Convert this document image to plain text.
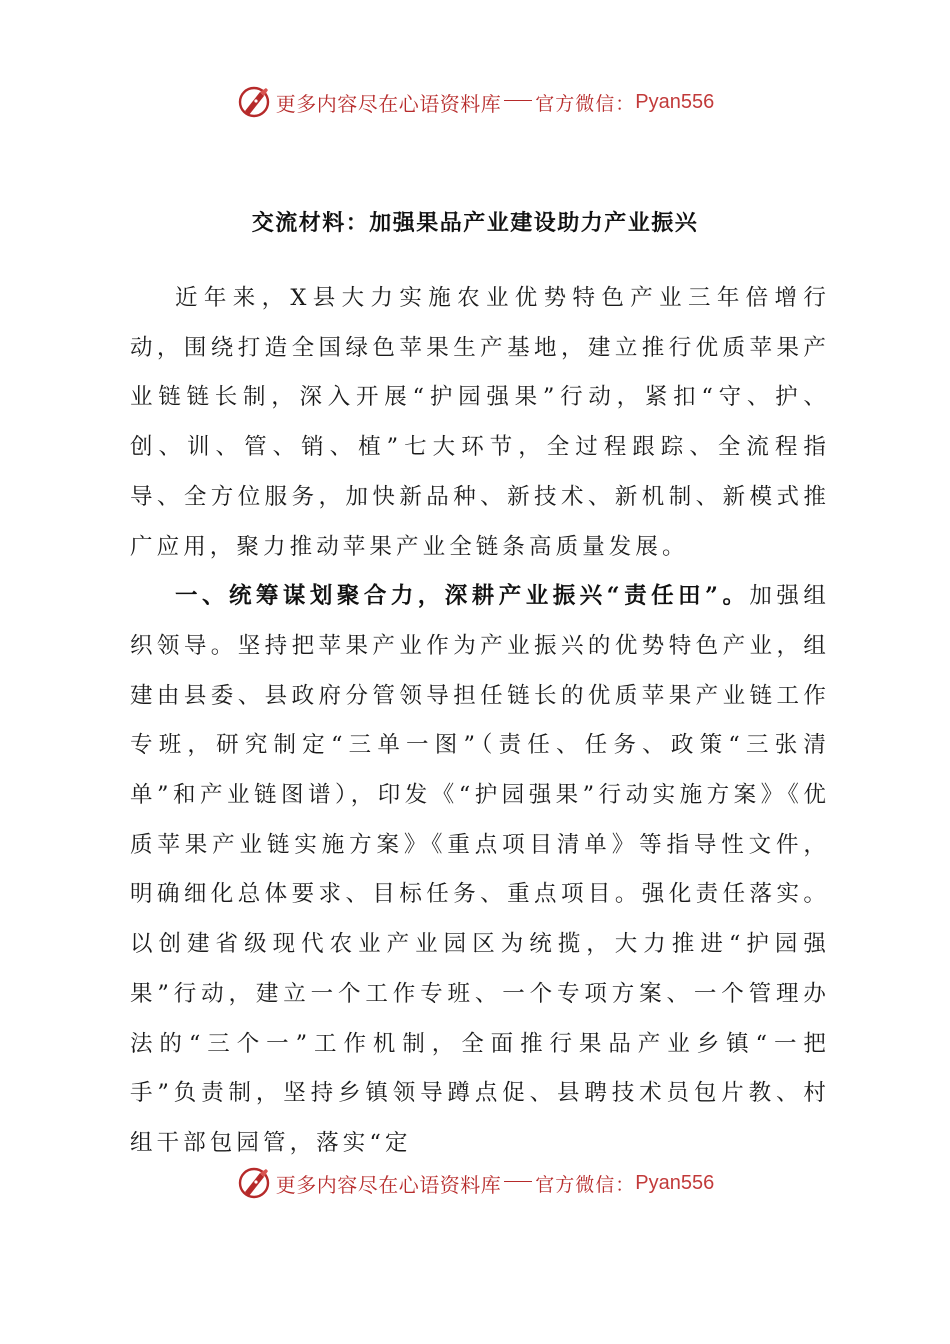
更多内容尽在心语资料库 官方微信： Pyan556
交流材料：加强果品产业建设助力产业振兴

近年来，X县大力实施农业优势特色产业三年倍增行动，围绕打造全国绿色苹果生产基地，建立推行优质苹果产业链链长制，深入开展“护园强果”行动，紧扣“守、护、创、训、管、销、植”七大环节，全过程跟踪、全流程指导、全方位服务，加快新品种、新技术、新机制、新模式推广应用，聚力推动苹果产业全链条高质量发展。

一、统筹谋划聚合力，深耕产业振兴“责任田”。加强组织领导。坚持把苹果产业作为产业振兴的优势特色产业，组建由县委、县政府分管领导担任链长的优质苹果产业链工作专班，研究制定“三单一图”（责任、任务、政策“三张清单”和产业链图谱），印发《“护园强果”行动实施方案》《优质苹果产业链实施方案》《重点项目清单》等指导性文件，明确细化总体要求、目标任务、重点项目。强化责任落实。以创建省级现代农业产业园区为统揽，大力推进“护园强果”行动，建立一个工作专班、一个专项方案、一个管理办法的“三个一”工作机制，全面推行果品产业乡镇“一把手”负责制，坚持乡镇领导蹲点促、县聘技术员包片教、村组干部包园管，落实“定

更多内容尽在心语资料库 官方微信： Pyan556
